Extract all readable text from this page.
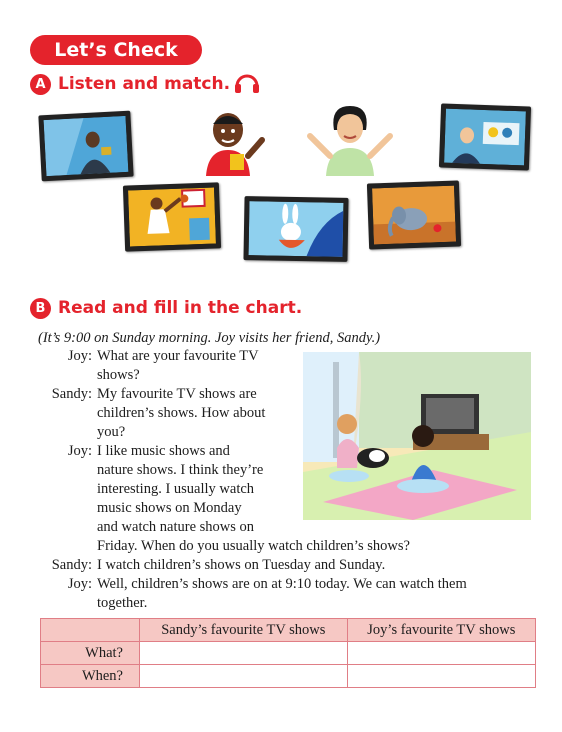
Let’s Check
A Listen and match.
B Read and fill in the chart.
(It’s 9:00 on Sunday morning. Joy visits her friend, Sandy.)
Joy: What are your favourite TV
shows?
Sandy: My favourite TV shows are
children’s shows. How about
you?
Joy: I like music shows and
nature shows. I think they’re
interesting. I usually watch
music shows on Monday
and watch nature shows on
Friday. When do you usually watch children’s shows?
Sandy: I watch children’s shows on Tuesday and Sunday.
Joy: Well, children’s shows are on at 9:10 today. We can watch them
together.
	Sandy’s favourite TV shows	Joy’s favourite TV shows
What?		
When?		
